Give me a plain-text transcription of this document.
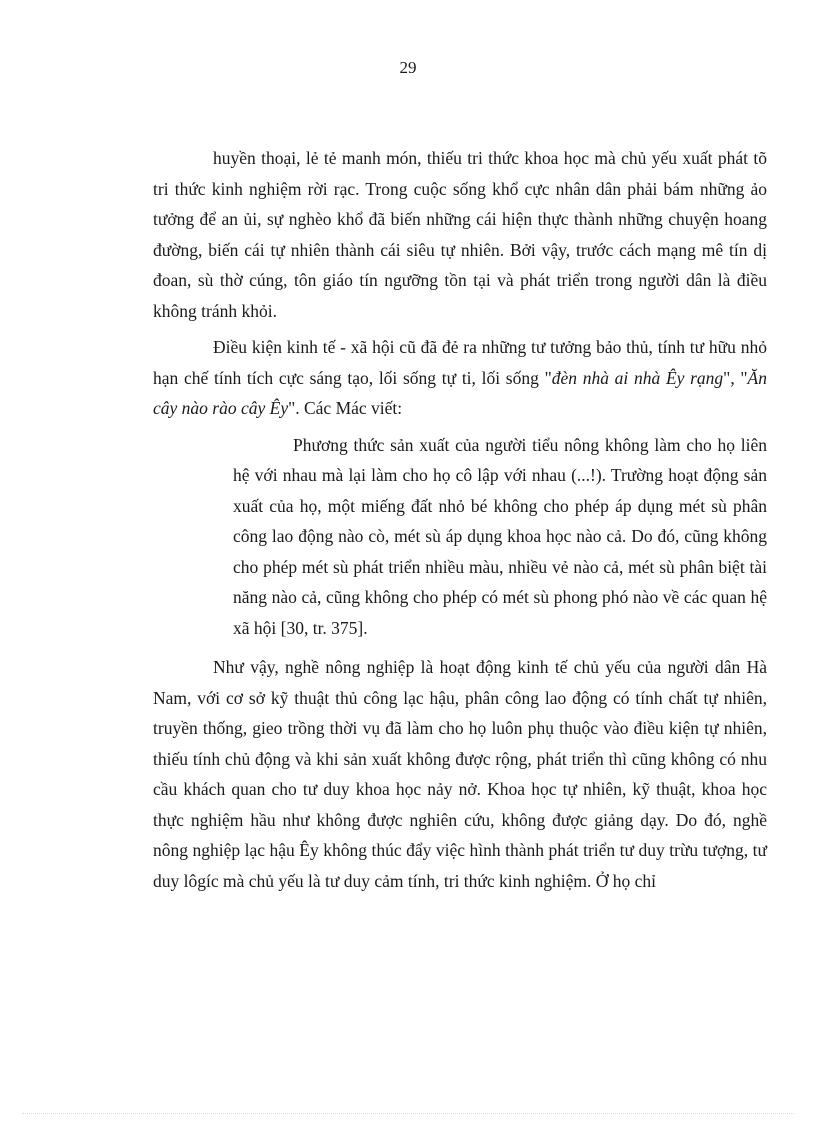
29

huyền thoại, lẻ tẻ manh món, thiếu tri thức khoa học mà chủ yếu xuất phát tõ tri thức kinh nghiệm rời rạc. Trong cuộc sống khổ cực nhân dân phải bám những ảo tưởng để an ủi, sự nghèo khổ đã biến những cái hiện thực thành những chuyện hoang đường, biến cái tự nhiên thành cái siêu tự nhiên. Bởi vậy, trước cách mạng mê tín dị đoan, sù thờ cúng, tôn giáo tín ngưỡng tồn tại và phát triển trong người dân là điều không tránh khỏi.

Điều kiện kinh tế - xã hội cũ đã đẻ ra những tư tưởng bảo thủ, tính tư hữu nhỏ hạn chế tính tích cực sáng tạo, lối sống tự ti, lối sống "đèn nhà ai nhà Êy rạng", "Ăn cây nào rào cây Êy". Các Mác viết:

Phương thức sản xuất của người tiểu nông không làm cho họ liên hệ với nhau mà lại làm cho họ cô lập với nhau (...!). Trường hoạt động sản xuất của họ, một miếng đất nhỏ bé không cho phép áp dụng mét sù phân công lao động nào cò, mét sù áp dụng khoa học nào cả. Do đó, cũng không cho phép mét sù phát triển nhiều màu, nhiều vẻ nào cả, mét sù phân biệt tài năng nào cả, cũng không cho phép có mét sù phong phó nào về các quan hệ xã hội [30, tr. 375].

Như vậy, nghề nông nghiệp là hoạt động kinh tế chủ yếu của người dân Hà Nam, với cơ sở kỹ thuật thủ công lạc hậu, phân công lao động có tính chất tự nhiên, truyền thống, gieo trồng thời vụ đã làm cho họ luôn phụ thuộc vào điều kiện tự nhiên, thiếu tính chủ động và khi sản xuất không được rộng, phát triển thì cũng không có nhu cầu khách quan cho tư duy khoa học nảy nở. Khoa học tự nhiên, kỹ thuật, khoa học thực nghiệm hầu như không được nghiên cứu, không được giảng dạy. Do đó, nghề nông nghiệp lạc hậu Êy không thúc đẩy việc hình thành phát triển tư duy trừu tượng, tư duy lôgíc mà chủ yếu là tư duy cảm tính, tri thức kinh nghiệm. Ở họ chỉ
